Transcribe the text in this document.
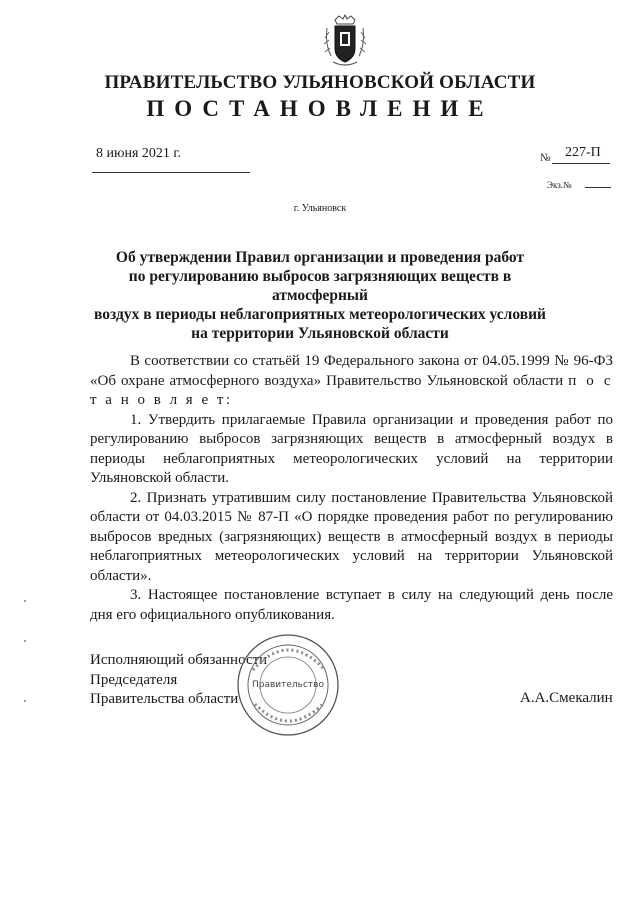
ПРАВИТЕЛЬСТВО УЛЬЯНОВСКОЙ ОБЛАСТИ
ПОСТАНОВЛЕНИЕ
8 июня 2021 г.	№ 227-П
Экз.№
г. Ульяновск
Об утверждении Правил организации и проведения работ
по регулированию выбросов загрязняющих веществ в атмосферный
воздух в периоды неблагоприятных метеорологических условий
на территории Ульяновской области

В соответствии со статьёй 19 Федерального закона от 04.05.1999 № 96-ФЗ «Об охране атмосферного воздуха» Правительство Ульяновской области п о с т а н о в л я е т:

1. Утвердить прилагаемые Правила организации и проведения работ по регулированию выбросов загрязняющих веществ в атмосферный воздух в периоды неблагоприятных метеорологических условий на территории Ульяновской области.

2. Признать утратившим силу постановление Правительства Ульяновской области от 04.03.2015 № 87-П «О порядке проведения работ по регулированию выбросов вредных (загрязняющих) веществ в атмосферный воздух в периоды неблагоприятных метеорологических условий на территории Ульяновской области».

3. Настоящее постановление вступает в силу на следующий день после дня его официального опубликования.

Исполняющий обязанности
Председателя
Правительства области
Правительство
А.А.Смекалин
